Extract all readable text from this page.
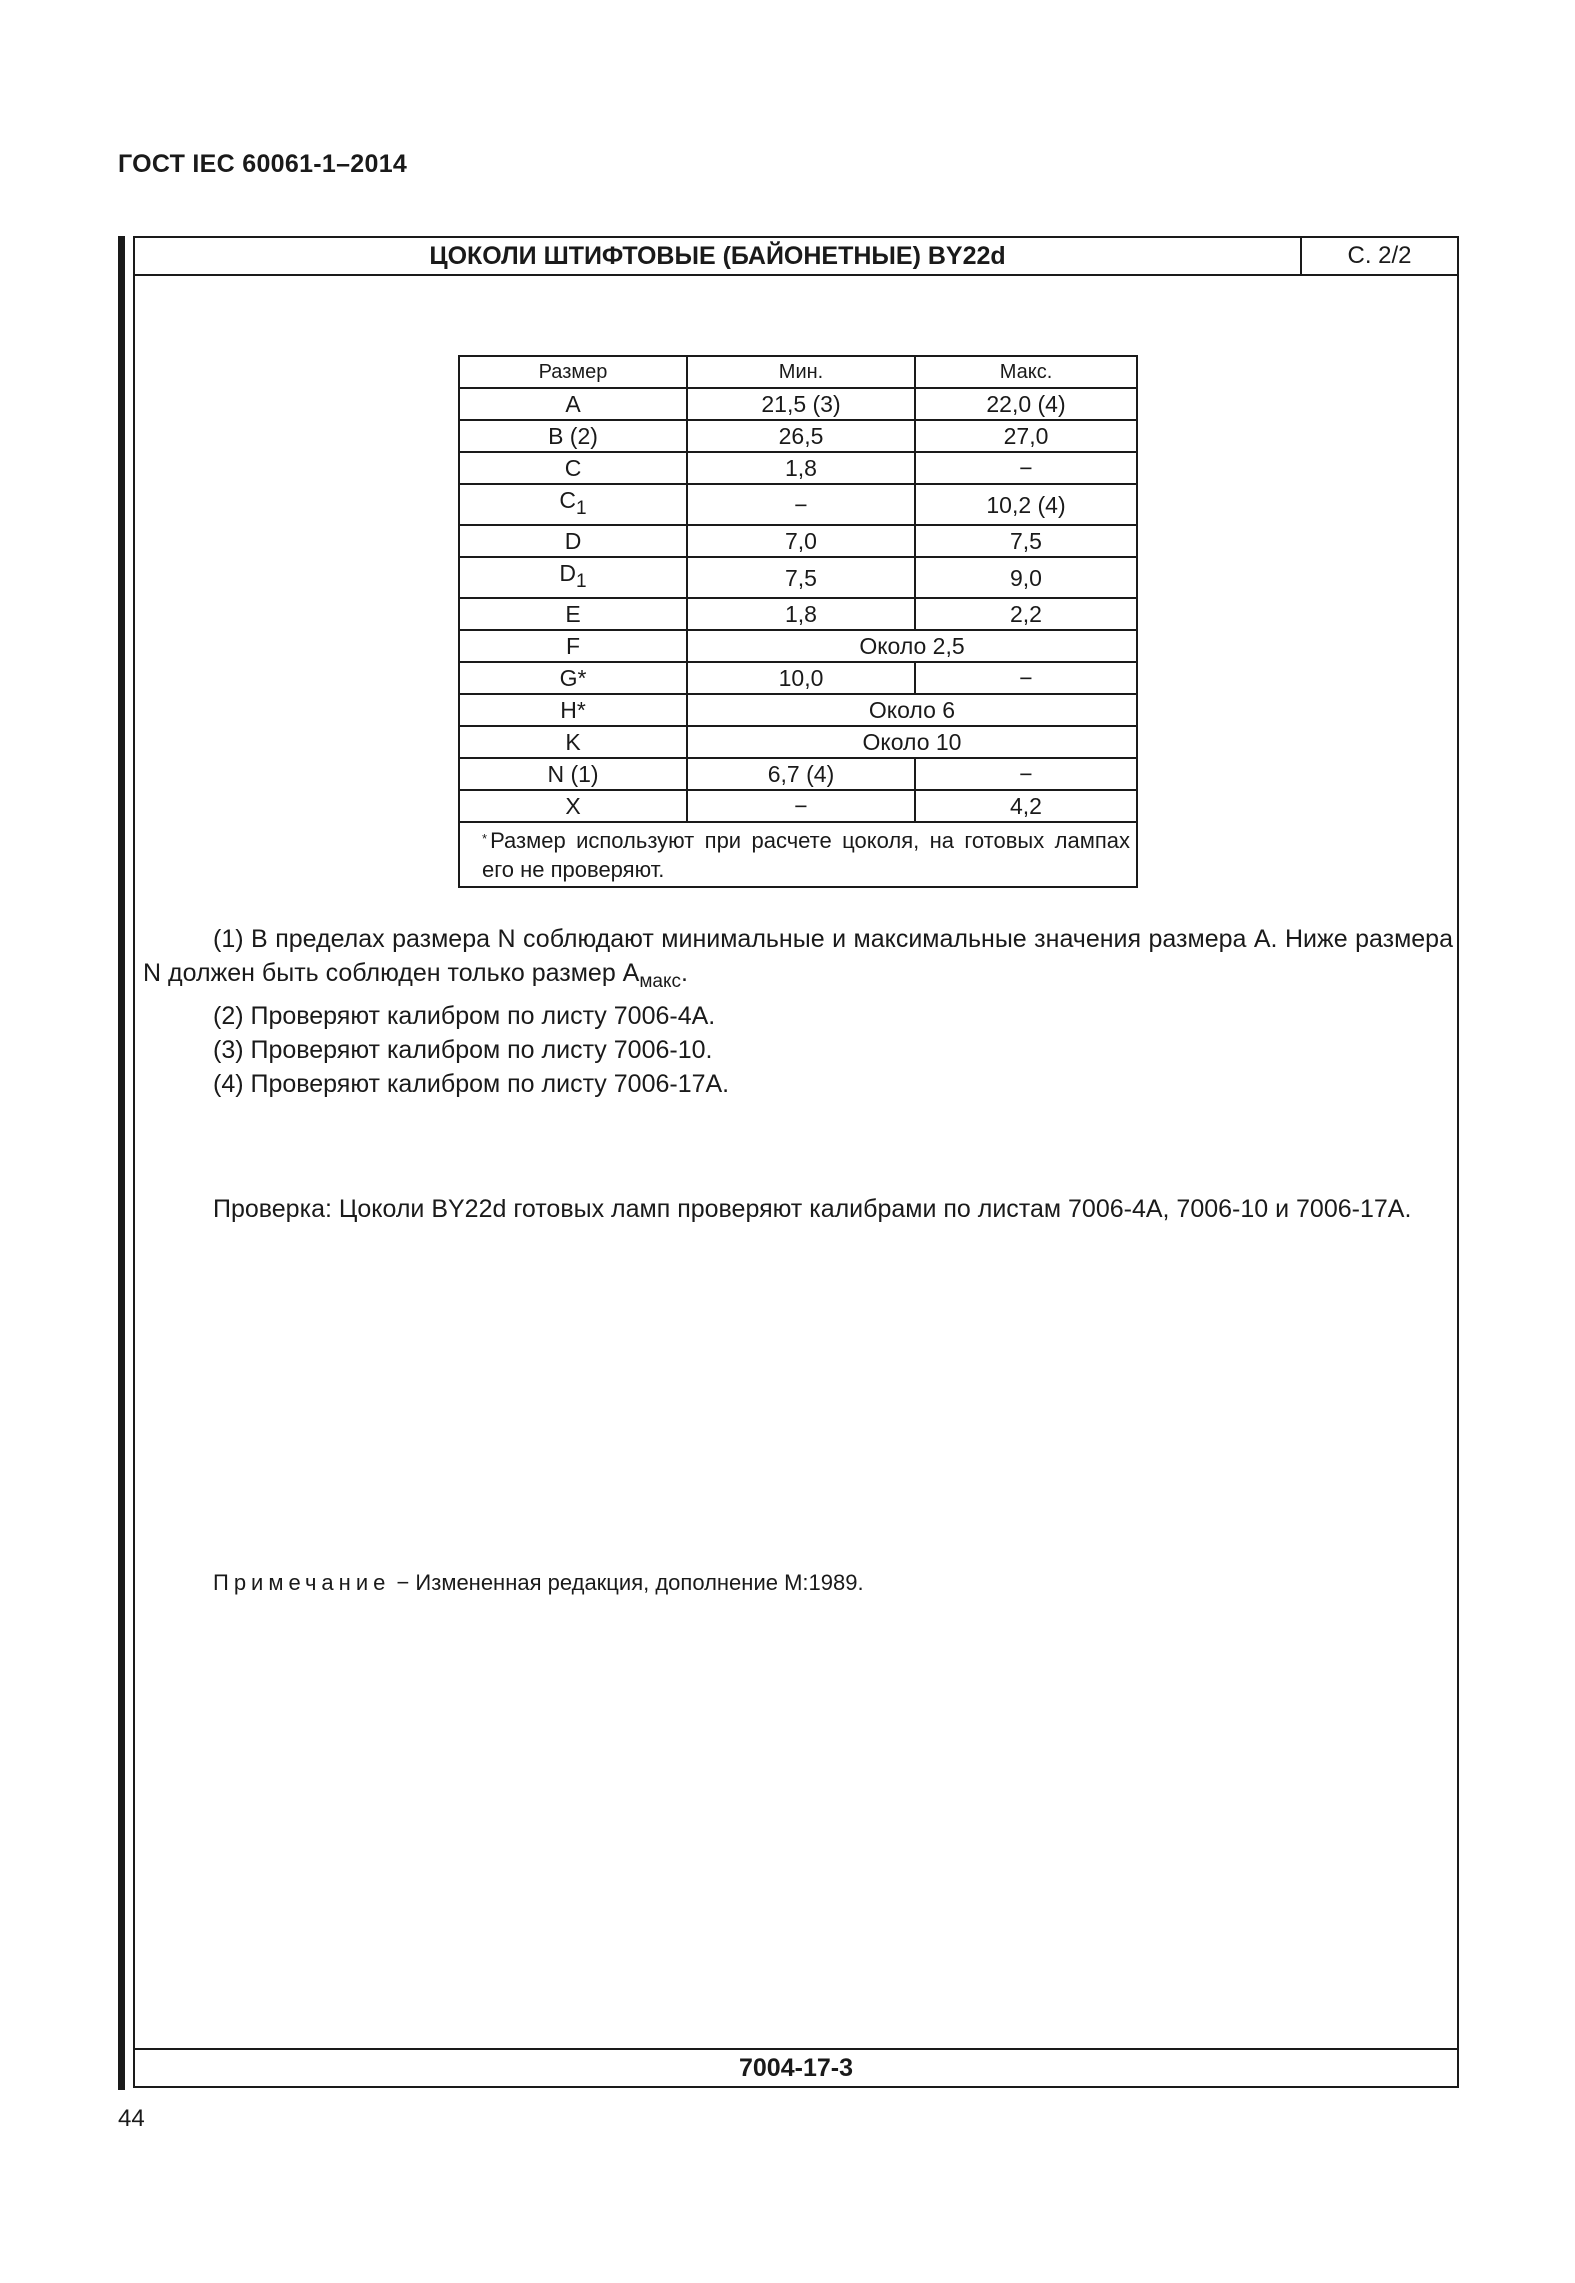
ГОСТ IEC 60061-1–2014
ЦОКОЛИ ШТИФТОВЫЕ (БАЙОНЕТНЫЕ) BY22d	С. 2/2
7004-17-3
Размер	Мин.	Макс.
A	21,5 (3)	22,0 (4)
B (2)	26,5	27,0
C	1,8	−
$C_1$	−	10,2 (4)
D	7,0	7,5
$D_1$	7,5	9,0
E	1,8	2,2
F	Около 2,5	
G*	10,0	−
H*	Около 6	
K	Около 10	
N (1)	6,7 (4)	−
X	−	4,2
* Размер используют при расчете цоколя, на готовых лампах его не проверяют.		

(1) В пределах размера N соблюдают минимальные и максимальные значения размера A. Ниже размера N должен быть соблюден только размер $A_{макс}$.

(2) Проверяют калибром по листу 7006-4A.

(3) Проверяют калибром по листу 7006-10.

(4) Проверяют калибром по листу 7006-17A.

Проверка: Цоколи BY22d готовых ламп проверяют калибрами по листам 7006-4A, 7006-10 и 7006-17A.

Примечание − Измененная редакция, дополнение M:1989.

44
